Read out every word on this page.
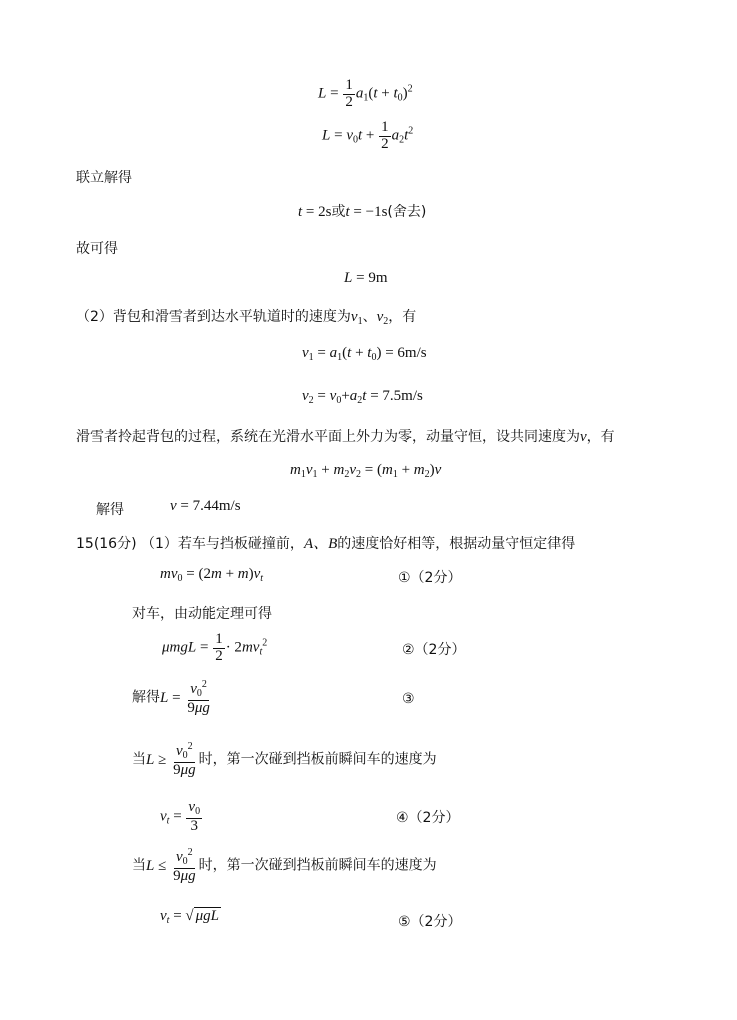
$L = \frac{1}{2} a_1(t + t_0)^2$
$L = v_0t + \frac{1}{2} a_2t^2$
联立解得
t = 2s或t = −1s(舍去)
故可得
L = 9m
（2）背包和滑雪者到达水平轨道时的速度为$v_1$、$v_2$，有
$v_1 = a_1(t + t_0) = 6m/s$
$v_2 = v_0+a_2t = 7.5m/s$
滑雪者拎起背包的过程，系统在光滑水平面上外力为零，动量守恒，设共同速度为v，有
$m_1v_1 + m_2v_2 = (m_1 + m_2)v$
解得	v = 7.44m/s
15(16分) （1）若车与挡板碰撞前，A、B的速度恰好相等，根据动量守恒定律得
$mv_0 = (2m + m)v_t$	①（2分）
对车，由动能定理可得
$\mu mgL = \frac{1}{2} \cdot 2mv_t^2$	②（2分）
解得$L = \frac{v_0^2}{9\mu g}$	③
当$L \ge \frac{v_0^2}{9\mu g}$ 时，第一次碰到挡板前瞬间车的速度为
$v_t = \frac{v_0}{3}$	④（2分）
当$L \le \frac{v_0^2}{9\mu g}$ 时，第一次碰到挡板前瞬间车的速度为
$v_t$ = √ μgL	⑤（2分）
